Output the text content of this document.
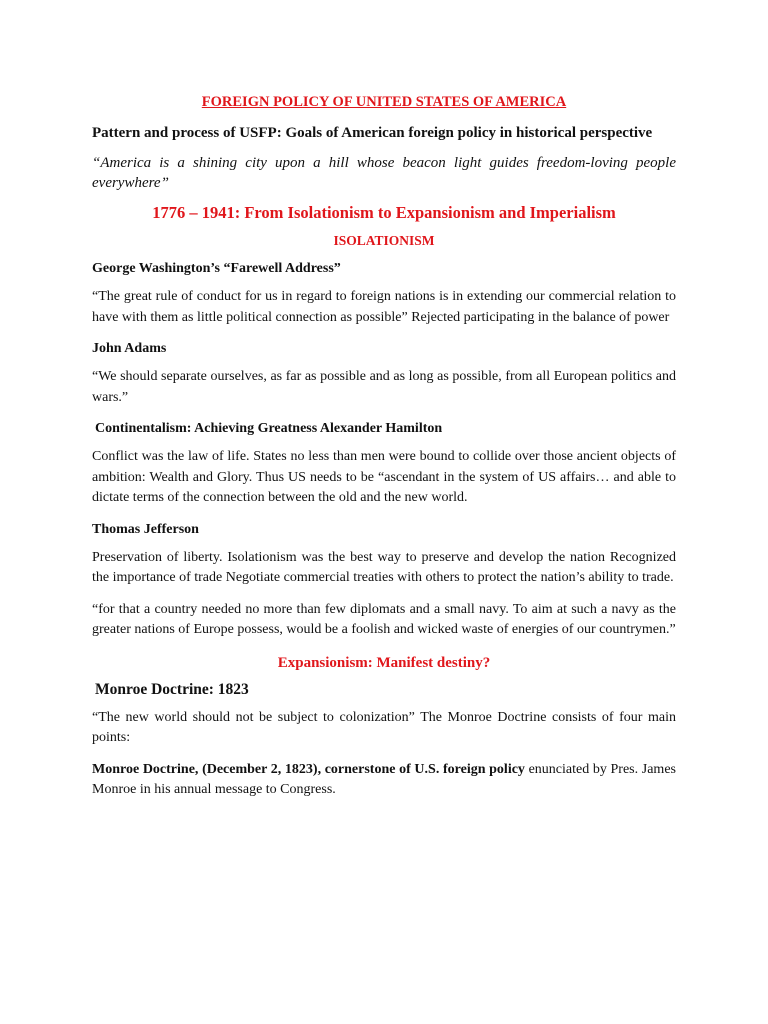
FOREIGN POLICY OF UNITED STATES OF AMERICA
Pattern and process of USFP: Goals of American foreign policy in historical perspective
“America is a shining city upon a hill whose beacon light guides freedom-loving people everywhere”
1776 – 1941: From Isolationism to Expansionism and Imperialism
ISOLATIONISM
George Washington’s “Farewell Address”

“The great rule of conduct for us in regard to foreign nations is in extending our commercial relation to have with them as little political connection as possible” Rejected participating in the balance of power

John Adams

“We should separate ourselves, as far as possible and as long as possible, from all European politics and wars.”

Continentalism: Achieving Greatness Alexander Hamilton

Conflict was the law of life. States no less than men were bound to collide over those ancient objects of ambition: Wealth and Glory. Thus US needs to be “ascendant in the system of US affairs… and able to dictate terms of the connection between the old and the new world.

Thomas Jefferson

Preservation of liberty. Isolationism was the best way to preserve and develop the nation Recognized the importance of trade Negotiate commercial treaties with others to protect the nation’s ability to trade.

“for that a country needed no more than few diplomats and a small navy. To aim at such a navy as the greater nations of Europe possess, would be a foolish and wicked waste of energies of our countrymen.”

Expansionism: Manifest destiny?
Monroe Doctrine: 1823

“The new world should not be subject to colonization” The Monroe Doctrine consists of four main points:

Monroe Doctrine, (December 2, 1823), cornerstone of U.S. foreign policy enunciated by Pres. James Monroe in his annual message to Congress.
